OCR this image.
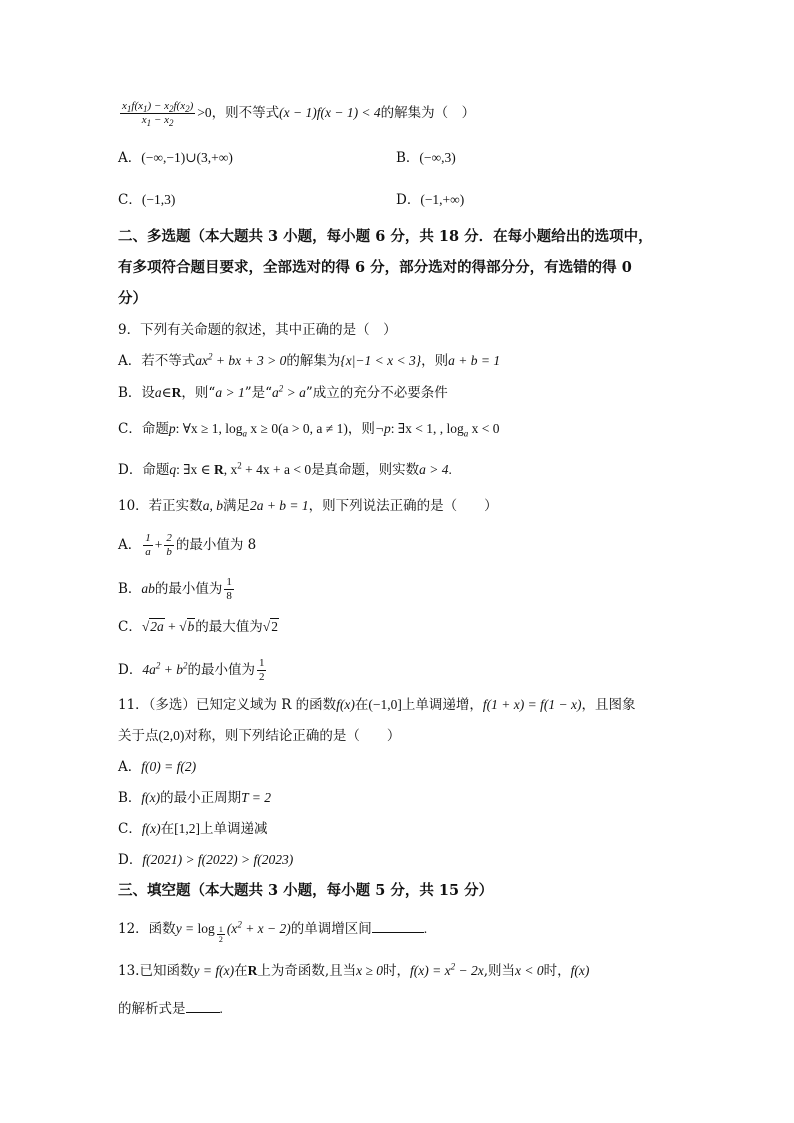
$\frac{x_1f(x_1) - x_2f(x_2)}{x_1 - x_2} >0$，则不等式(x − 1)f(x − 1) < 4的解集为（　）
A．(−∞,−1)∪(3,+∞)	B．(−∞,3)
C．(−1,3)	D．(−1,+∞)
二、多选题（本大题共 3 小题，每小题 6 分，共 18 分．在每小题给出的选项中，
有多项符合题目要求，全部选对的得 6 分，部分选对的得部分分，有选错的得 0
分）
9．下列有关命题的叙述，其中正确的是（　）
A．若不等式$ax^2$ + bx + 3 > 0的解集为{x|−1 < x < 3}，则a + b = 1
B．设a∈R，则“a > 1”是“$a^2 > a$”成立的充分不必要条件
C．命题p: ∀x ≥ 1, $\log_a x \ge 0(a > 0$, a ≠ 1)，则¬p: ∃x < 1, , $\log_a x < 0$
D．命题q: ∃x ∈ R, $x^2 + 4x + a < 0$是真命题，则实数a > 4.
10．若正实数a, b满足2a + b = 1，则下列说法正确的是（　　）
A． $\frac{1}{a} + \frac{2}{b}$ 的最小值为 8
B．ab的最小值为 $\frac{1}{8}$
C．√2a + √b的最大值为√2
D．$4a^2 + b^2$的最小值为 $\frac{1}{2}$
11．（多选）已知定义域为 R 的函数f(x)在(−1,0]上单调递增，f(1 + x) = f(1 − x)，且图象
关于点(2,0)对称，则下列结论正确的是（　　）
A．f(0) = f(2)
B．f(x)的最小正周期T = 2
C．f(x)在[1,2]上单调递减
D．f(2021) > f(2022) > f(2023)
三、填空题（本大题共 3 小题，每小题 5 分，共 15 分）
12．函数y = log $_{\frac{1}{2}}$ $(x^2 + x - 2)$的单调增区间	.
13.已知函数y = f(x)在R上为奇函数,且当x ≥ 0时，$f(x) = x^2 - 2x$,则当x < 0时，f(x)
的解析式是	.
